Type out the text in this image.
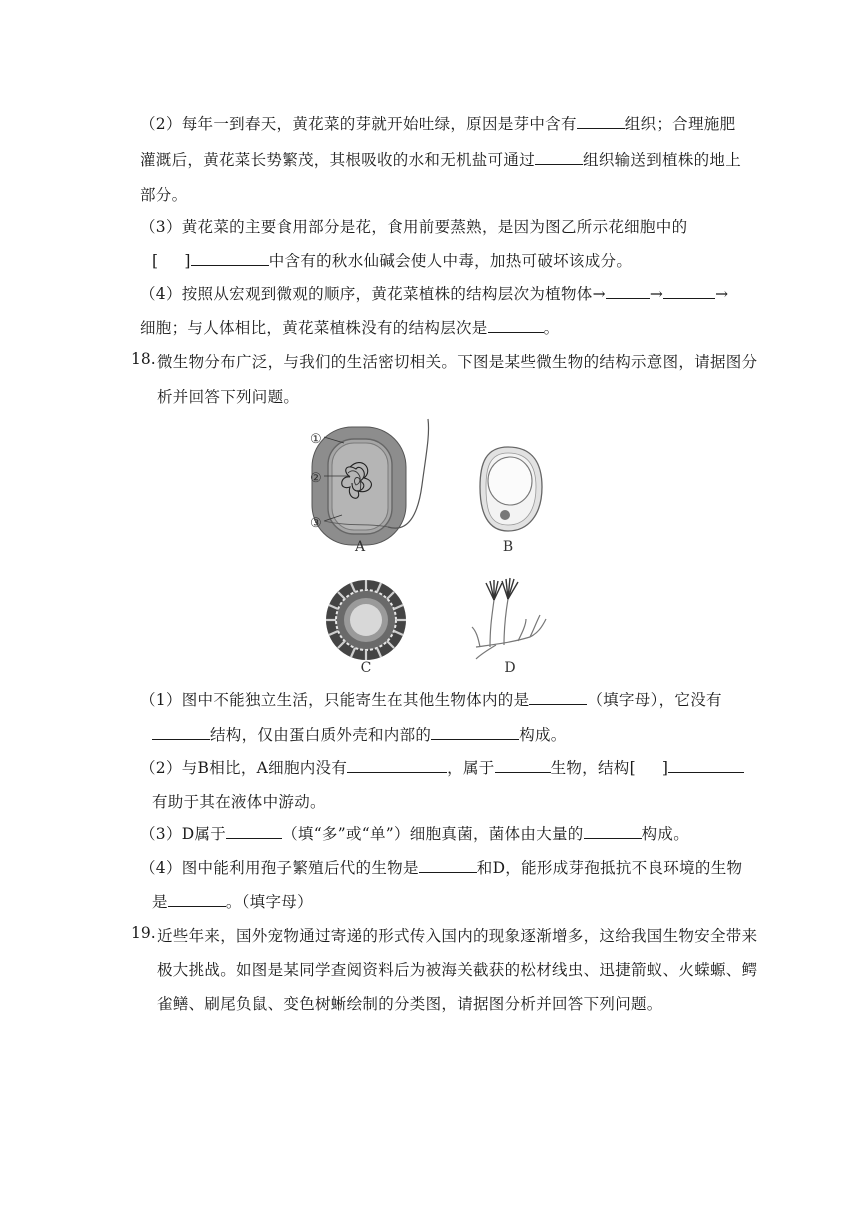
（2）每年一到春天，黄花菜的芽就开始吐绿，原因是芽中含有	组织；合理施肥
灌溉后，黄花菜长势繁茂，其根吸收的水和无机盐可通过	组织输送到植株的地上
部分。
（3）黄花菜的主要食用部分是花，食用前要蒸熟，是因为图乙所示花细胞中的
[ ]	中含有的秋水仙碱会使人中毒，加热可破坏该成分。
（4）按照从宏观到微观的顺序，黄花菜植株的结构层次为植物体→	→	→
细胞；与人体相比，黄花菜植株没有的结构层次是	。
18. 微生物分布广泛，与我们的生活密切相关。下图是某些微生物的结构示意图，请据图分
析并回答下列问题。
①
②
③
A	B
C	D
（1）图中不能独立生活，只能寄生在其他生物体内的是	（填字母），它没有
结构，仅由蛋白质外壳和内部的	构成。
（2）与B相比，A细胞内没有	，属于	生物，结构[ ]
有助于其在液体中游动。
（3）D属于	（填“多”或“单”）细胞真菌，菌体由大量的	构成。
（4）图中能利用孢子繁殖后代的生物是	和D，能形成芽孢抵抗不良环境的生物
是	。（填字母）
19. 近些年来，国外宠物通过寄递的形式传入国内的现象逐渐增多，这给我国生物安全带来
极大挑战。如图是某同学查阅资料后为被海关截获的松材线虫、迅捷箭蚁、火蝾螈、鳄
雀鳝、刷尾负鼠、变色树蜥绘制的分类图，请据图分析并回答下列问题。
